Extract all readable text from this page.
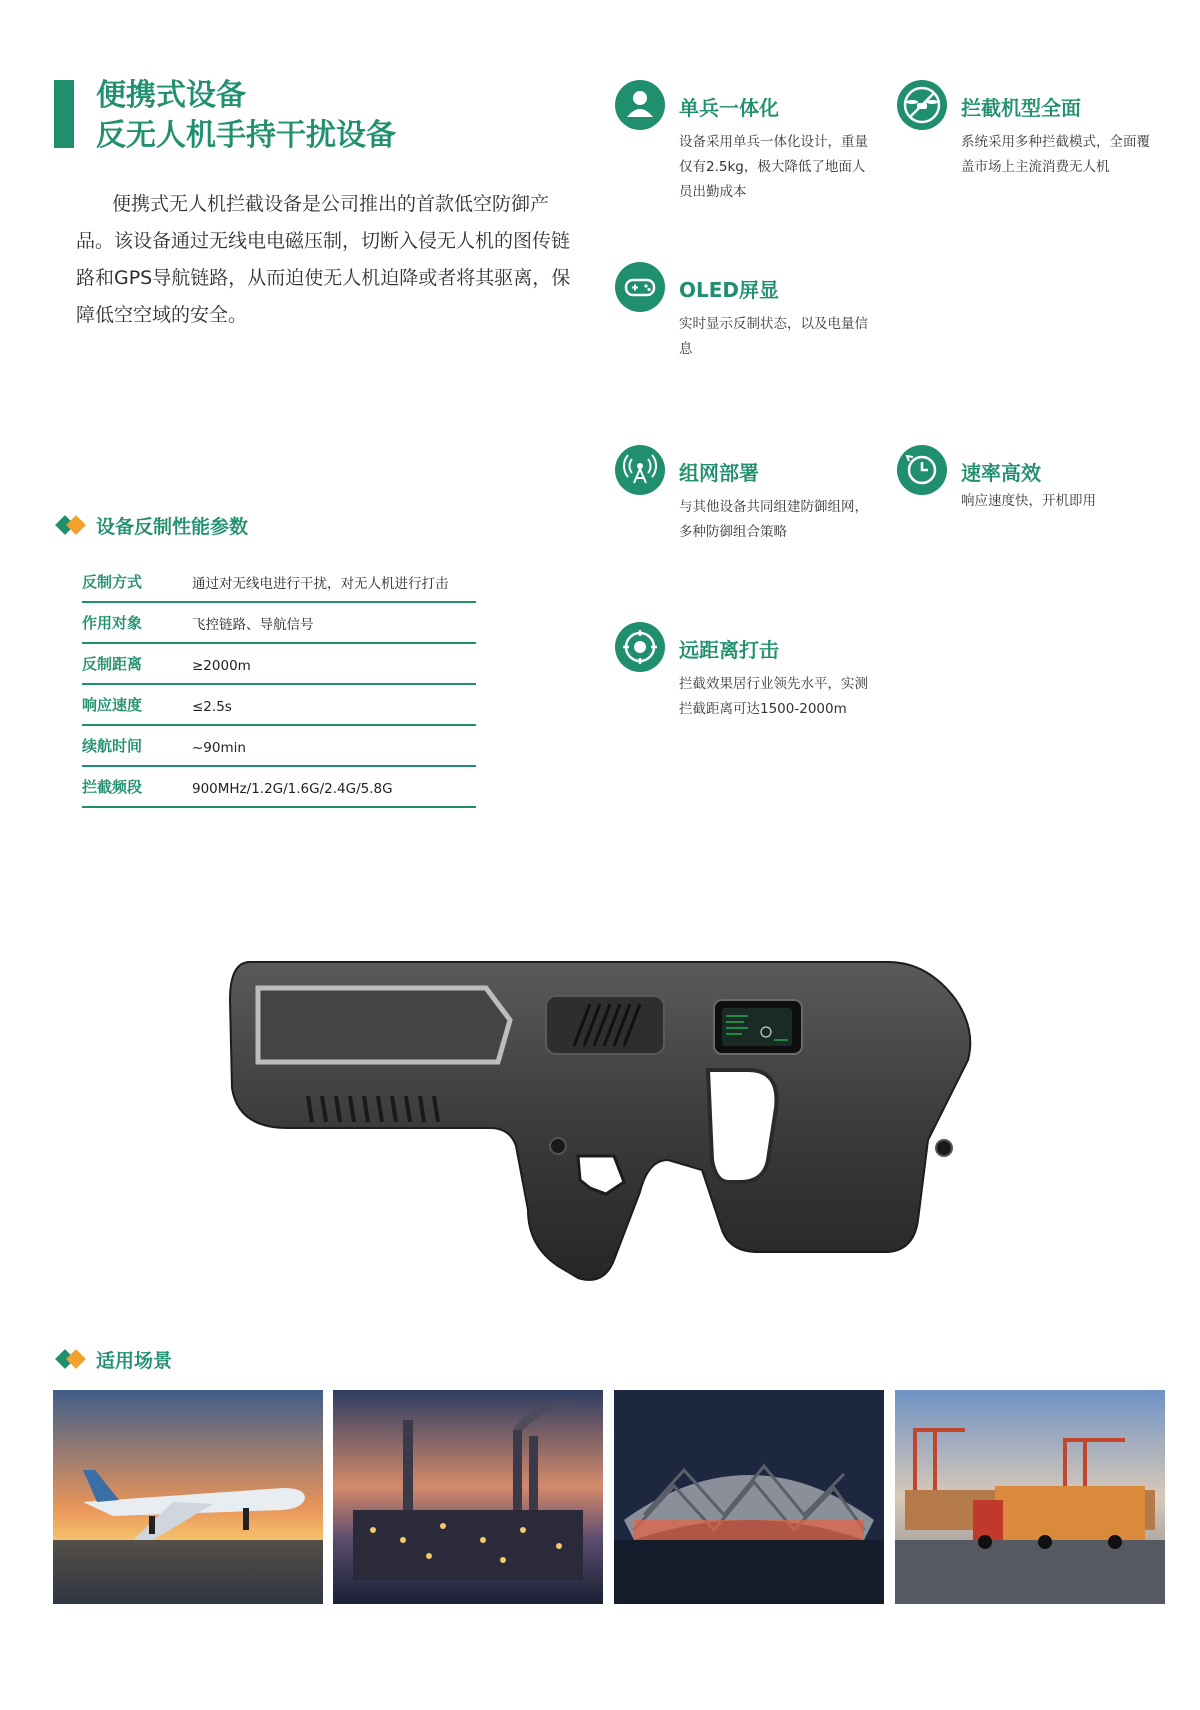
便携式设备
反无人机手持干扰设备

便携式无人机拦截设备是公司推出的首款低空防御产品。该设备通过无线电电磁压制，切断入侵无人机的图传链路和GPS导航链路，从而迫使无人机迫降或者将其驱离，保障低空空域的安全。

单兵一体化
设备采用单兵一体化设计，重量仅有2.5kg，极大降低了地面人员出勤成本
拦截机型全面
系统采用多种拦截模式，全面覆盖市场上主流消费无人机
OLED屏显
实时显示反制状态，以及电量信息
组网部署
与其他设备共同组建防御组网，多种防御组合策略
速率高效
响应速度快，开机即用
远距离打击
拦截效果居行业领先水平，实测拦截距离可达1500-2000m
设备反制性能参数
反制方式	通过对无线电进行干扰，对无人机进行打击
作用对象	飞控链路、导航信号
反制距离	≥2000m
响应速度	≤2.5s
续航时间	~90min
拦截频段	900MHz/1.2G/1.6G/2.4G/5.8G
适用场景
